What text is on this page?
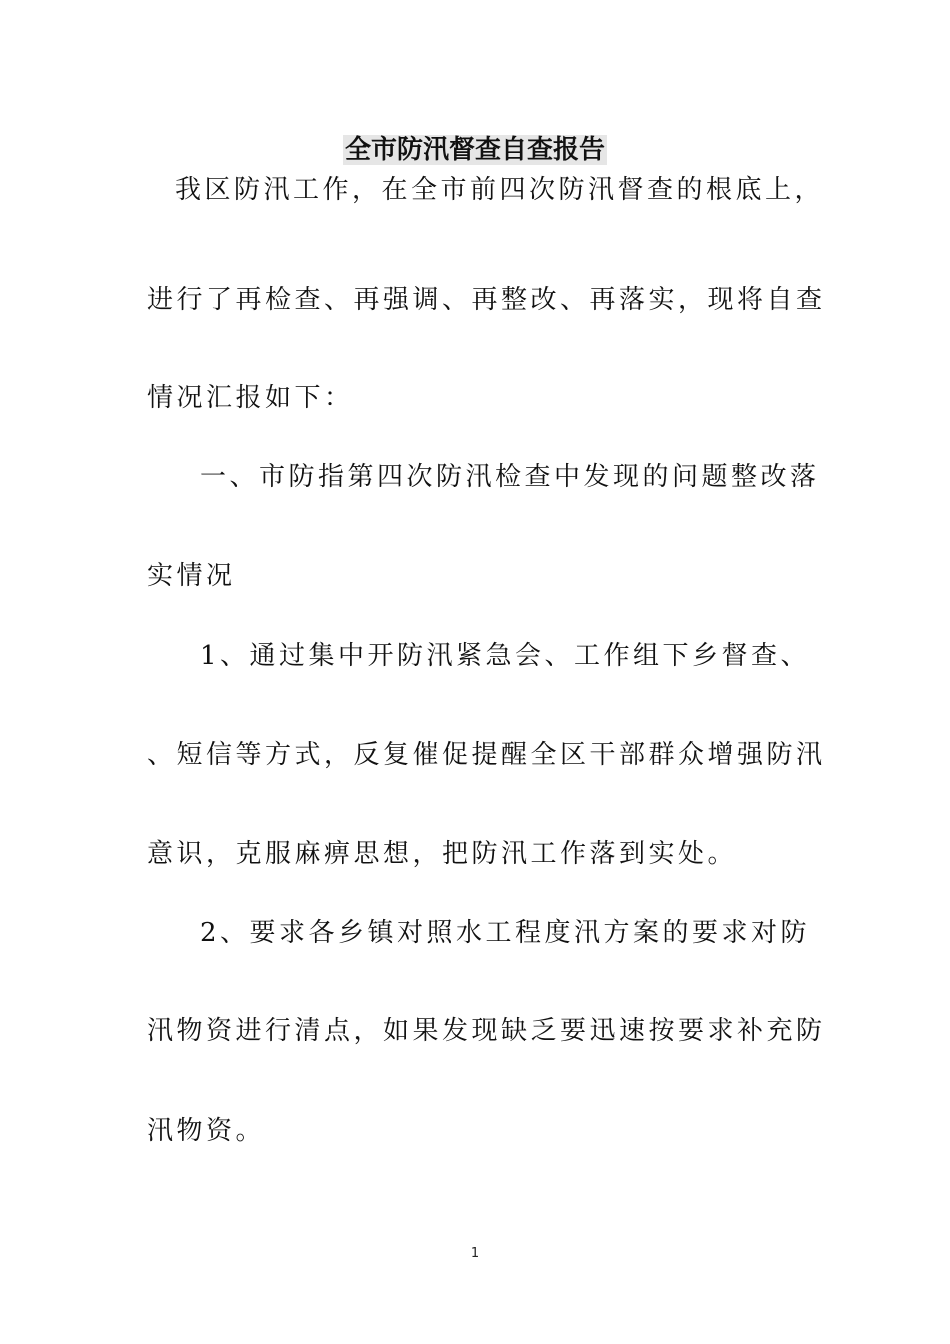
全市防汛督查自查报告
我区防汛工作，在全市前四次防汛督查的根底上，
进行了再检查、再强调、再整改、再落实，现将自查
情况汇报如下：
一、市防指第四次防汛检查中发现的问题整改落
实情况
1、通过集中开防汛紧急会、工作组下乡督查、
、短信等方式，反复催促提醒全区干部群众增强防汛
意识，克服麻痹思想，把防汛工作落到实处。
2、要求各乡镇对照水工程度汛方案的要求对防
汛物资进行清点，如果发现缺乏要迅速按要求补充防
汛物资。
1
